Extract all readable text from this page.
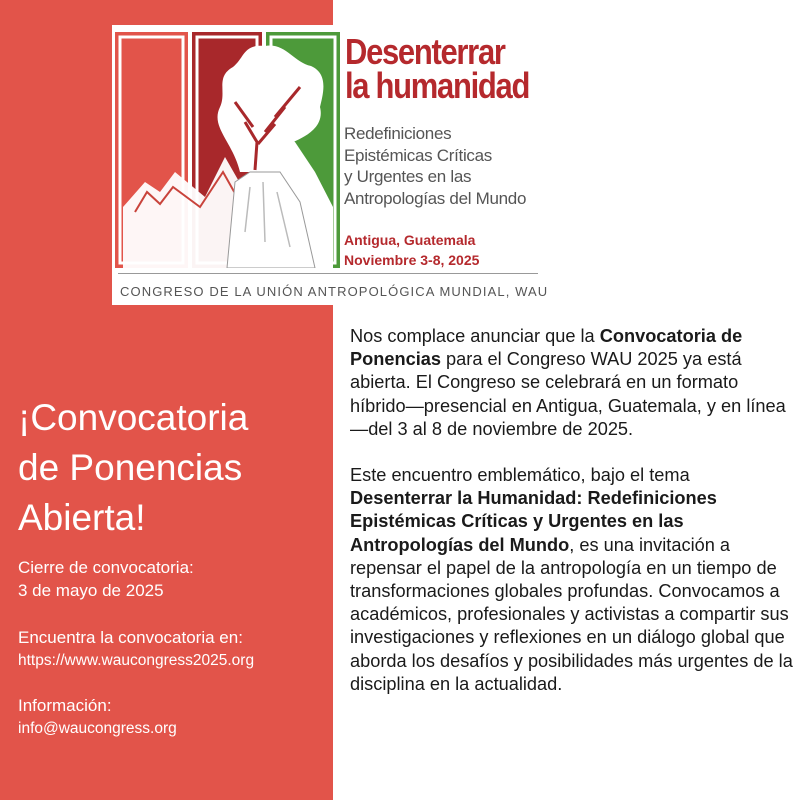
Desenterrar
la humanidad
Redefiniciones
Epistémicas Críticas
y Urgentes en las
Antropologías del Mundo
Antigua, Guatemala
Noviembre 3-8, 2025
CONGRESO DE LA UNIÓN ANTROPOLÓGICA MUNDIAL, WAU
¡Convocatoria
de Ponencias
Abierta!
Cierre de convocatoria:
3 de mayo de 2025
Encuentra la convocatoria en:
https://www.waucongress2025.org
Información:
info@waucongress.org

Nos complace anunciar que la Convocatoria de Ponencias para el Congreso WAU 2025 ya está abierta. El Congreso se celebrará en un formato híbrido—presencial en Antigua, Guatemala, y en línea—del 3 al 8 de noviembre de 2025.

Este encuentro emblemático, bajo el tema Desenterrar la Humanidad: Redefiniciones Epistémicas Críticas y Urgentes en las Antropologías del Mundo, es una invitación a repensar el papel de la antropología en un tiempo de transformaciones globales profundas. Convocamos a académicos, profesionales y activistas a compartir sus investigaciones y reflexiones en un diálogo global que aborda los desafíos y posibilidades más urgentes de la disciplina en la actualidad.
